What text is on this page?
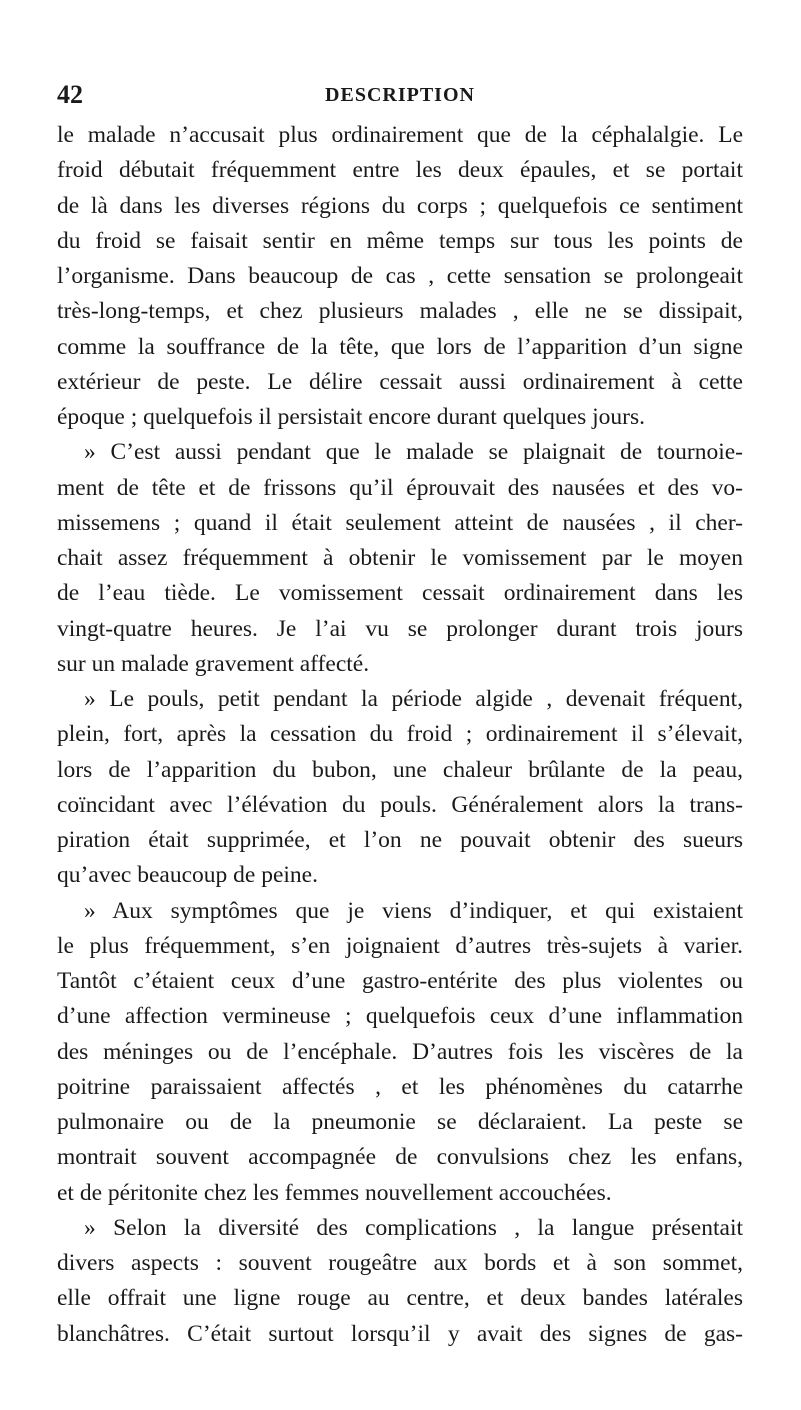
42	DESCRIPTION
le malade n’accusait plus ordinairement que de la céphalalgie. Le
froid débutait fréquemment entre les deux épaules, et se portait
de là dans les diverses régions du corps ; quelquefois ce sentiment
du froid se faisait sentir en même temps sur tous les points de
l’organisme. Dans beaucoup de cas , cette sensation se prolongeait
très-long-temps, et chez plusieurs malades , elle ne se dissipait,
comme la souffrance de la tête, que lors de l’apparition d’un signe
extérieur de peste. Le délire cessait aussi ordinairement à cette
époque ; quelquefois il persistait encore durant quelques jours.
» C’est aussi pendant que le malade se plaignait de tournoie-
ment de tête et de frissons qu’il éprouvait des nausées et des vo-
missemens ; quand il était seulement atteint de nausées , il cher-
chait assez fréquemment à obtenir le vomissement par le moyen
de l’eau tiède. Le vomissement cessait ordinairement dans les
vingt-quatre heures. Je l’ai vu se prolonger durant trois jours
sur un malade gravement affecté.
» Le pouls, petit pendant la période algide , devenait fréquent,
plein, fort, après la cessation du froid ; ordinairement il s’élevait,
lors de l’apparition du bubon, une chaleur brûlante de la peau,
coïncidant avec l’élévation du pouls. Généralement alors la trans-
piration était supprimée, et l’on ne pouvait obtenir des sueurs
qu’avec beaucoup de peine.
» Aux symptômes que je viens d’indiquer, et qui existaient
le plus fréquemment, s’en joignaient d’autres très-sujets à varier.
Tantôt c’étaient ceux d’une gastro-entérite des plus violentes ou
d’une affection vermineuse ; quelquefois ceux d’une inflammation
des méninges ou de l’encéphale. D’autres fois les viscères de la
poitrine paraissaient affectés , et les phénomènes du catarrhe
pulmonaire ou de la pneumonie se déclaraient. La peste se
montrait souvent accompagnée de convulsions chez les enfans,
et de péritonite chez les femmes nouvellement accouchées.
» Selon la diversité des complications , la langue présentait
divers aspects : souvent rougeâtre aux bords et à son sommet,
elle offrait une ligne rouge au centre, et deux bandes latérales
blanchâtres. C’était surtout lorsqu’il y avait des signes de gas-
